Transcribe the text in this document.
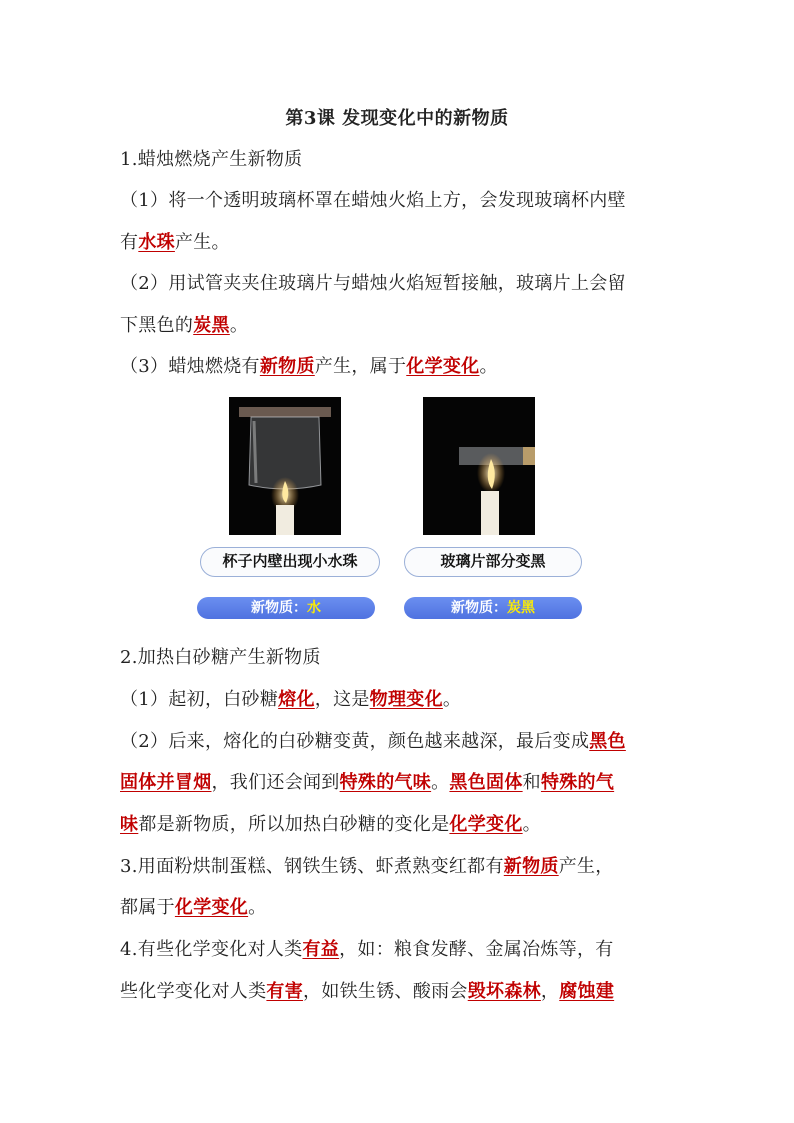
第3课 发现变化中的新物质
1.蜡烛燃烧产生新物质
（1）将一个透明玻璃杯罩在蜡烛火焰上方，会发现玻璃杯内壁
有水珠产生。
（2）用试管夹夹住玻璃片与蜡烛火焰短暂接触，玻璃片上会留
下黑色的炭黑。
（3）蜡烛燃烧有新物质产生，属于化学变化。
杯子内壁出现小水珠	玻璃片部分变黑
新物质：水	新物质：炭黑
2.加热白砂糖产生新物质
（1）起初，白砂糖熔化，这是物理变化。
（2）后来，熔化的白砂糖变黄，颜色越来越深，最后变成黑色
固体并冒烟，我们还会闻到特殊的气味。黑色固体和特殊的气
味都是新物质，所以加热白砂糖的变化是化学变化。
3.用面粉烘制蛋糕、钢铁生锈、虾煮熟变红都有新物质产生，
都属于化学变化。
4.有些化学变化对人类有益，如：粮食发酵、金属冶炼等，有
些化学变化对人类有害，如铁生锈、酸雨会毁坏森林，腐蚀建
